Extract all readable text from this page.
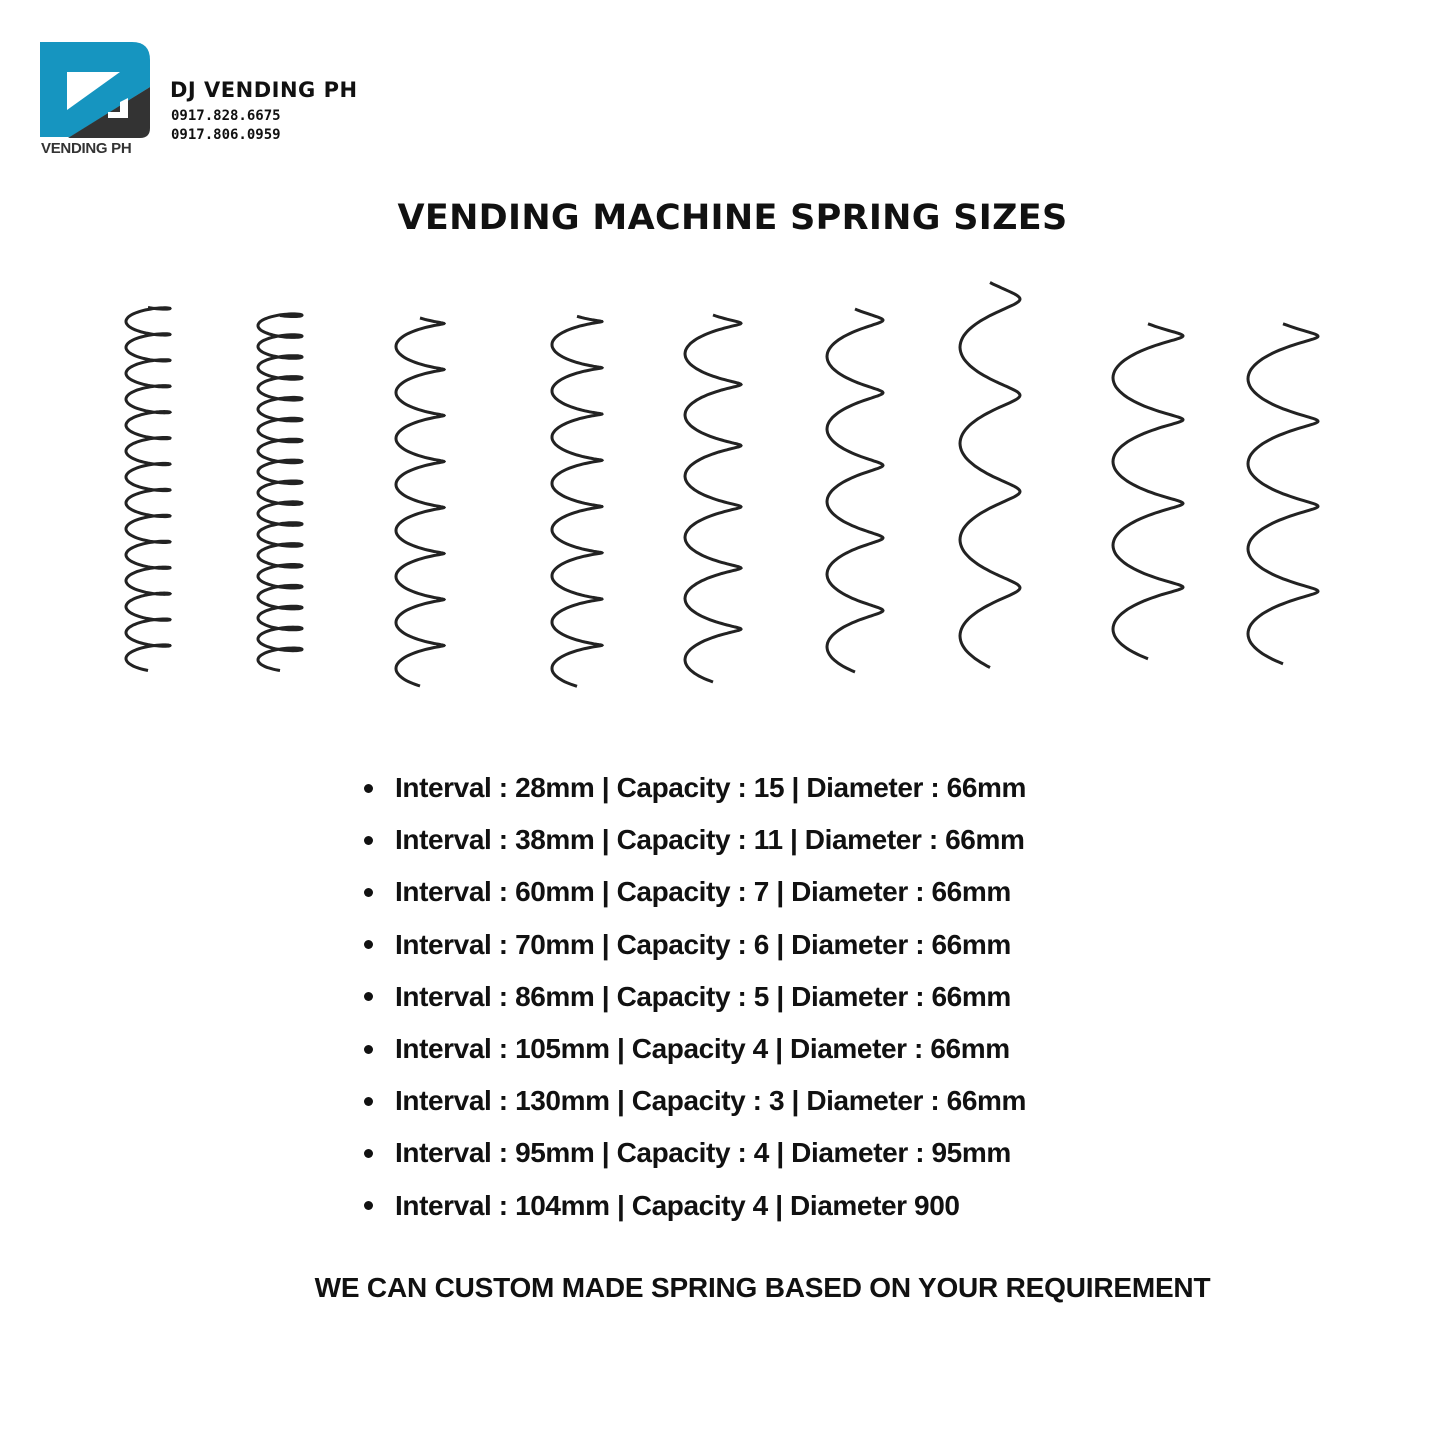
VENDING PH
DJ VENDING PH
0917.828.6675
0917.806.0959
VENDING MACHINE SPRING SIZES
Interval : 28mm | Capacity : 15 | Diameter : 66mm
Interval : 38mm | Capacity : 11 | Diameter : 66mm
Interval : 60mm | Capacity : 7 | Diameter : 66mm
Interval : 70mm | Capacity : 6 | Diameter : 66mm
Interval : 86mm | Capacity : 5 | Diameter : 66mm
Interval : 105mm | Capacity 4 | Diameter : 66mm
Interval : 130mm | Capacity : 3 | Diameter : 66mm
Interval : 95mm | Capacity : 4 | Diameter : 95mm
Interval : 104mm | Capacity 4 | Diameter 900
WE CAN CUSTOM MADE SPRING BASED ON YOUR REQUIREMENT
